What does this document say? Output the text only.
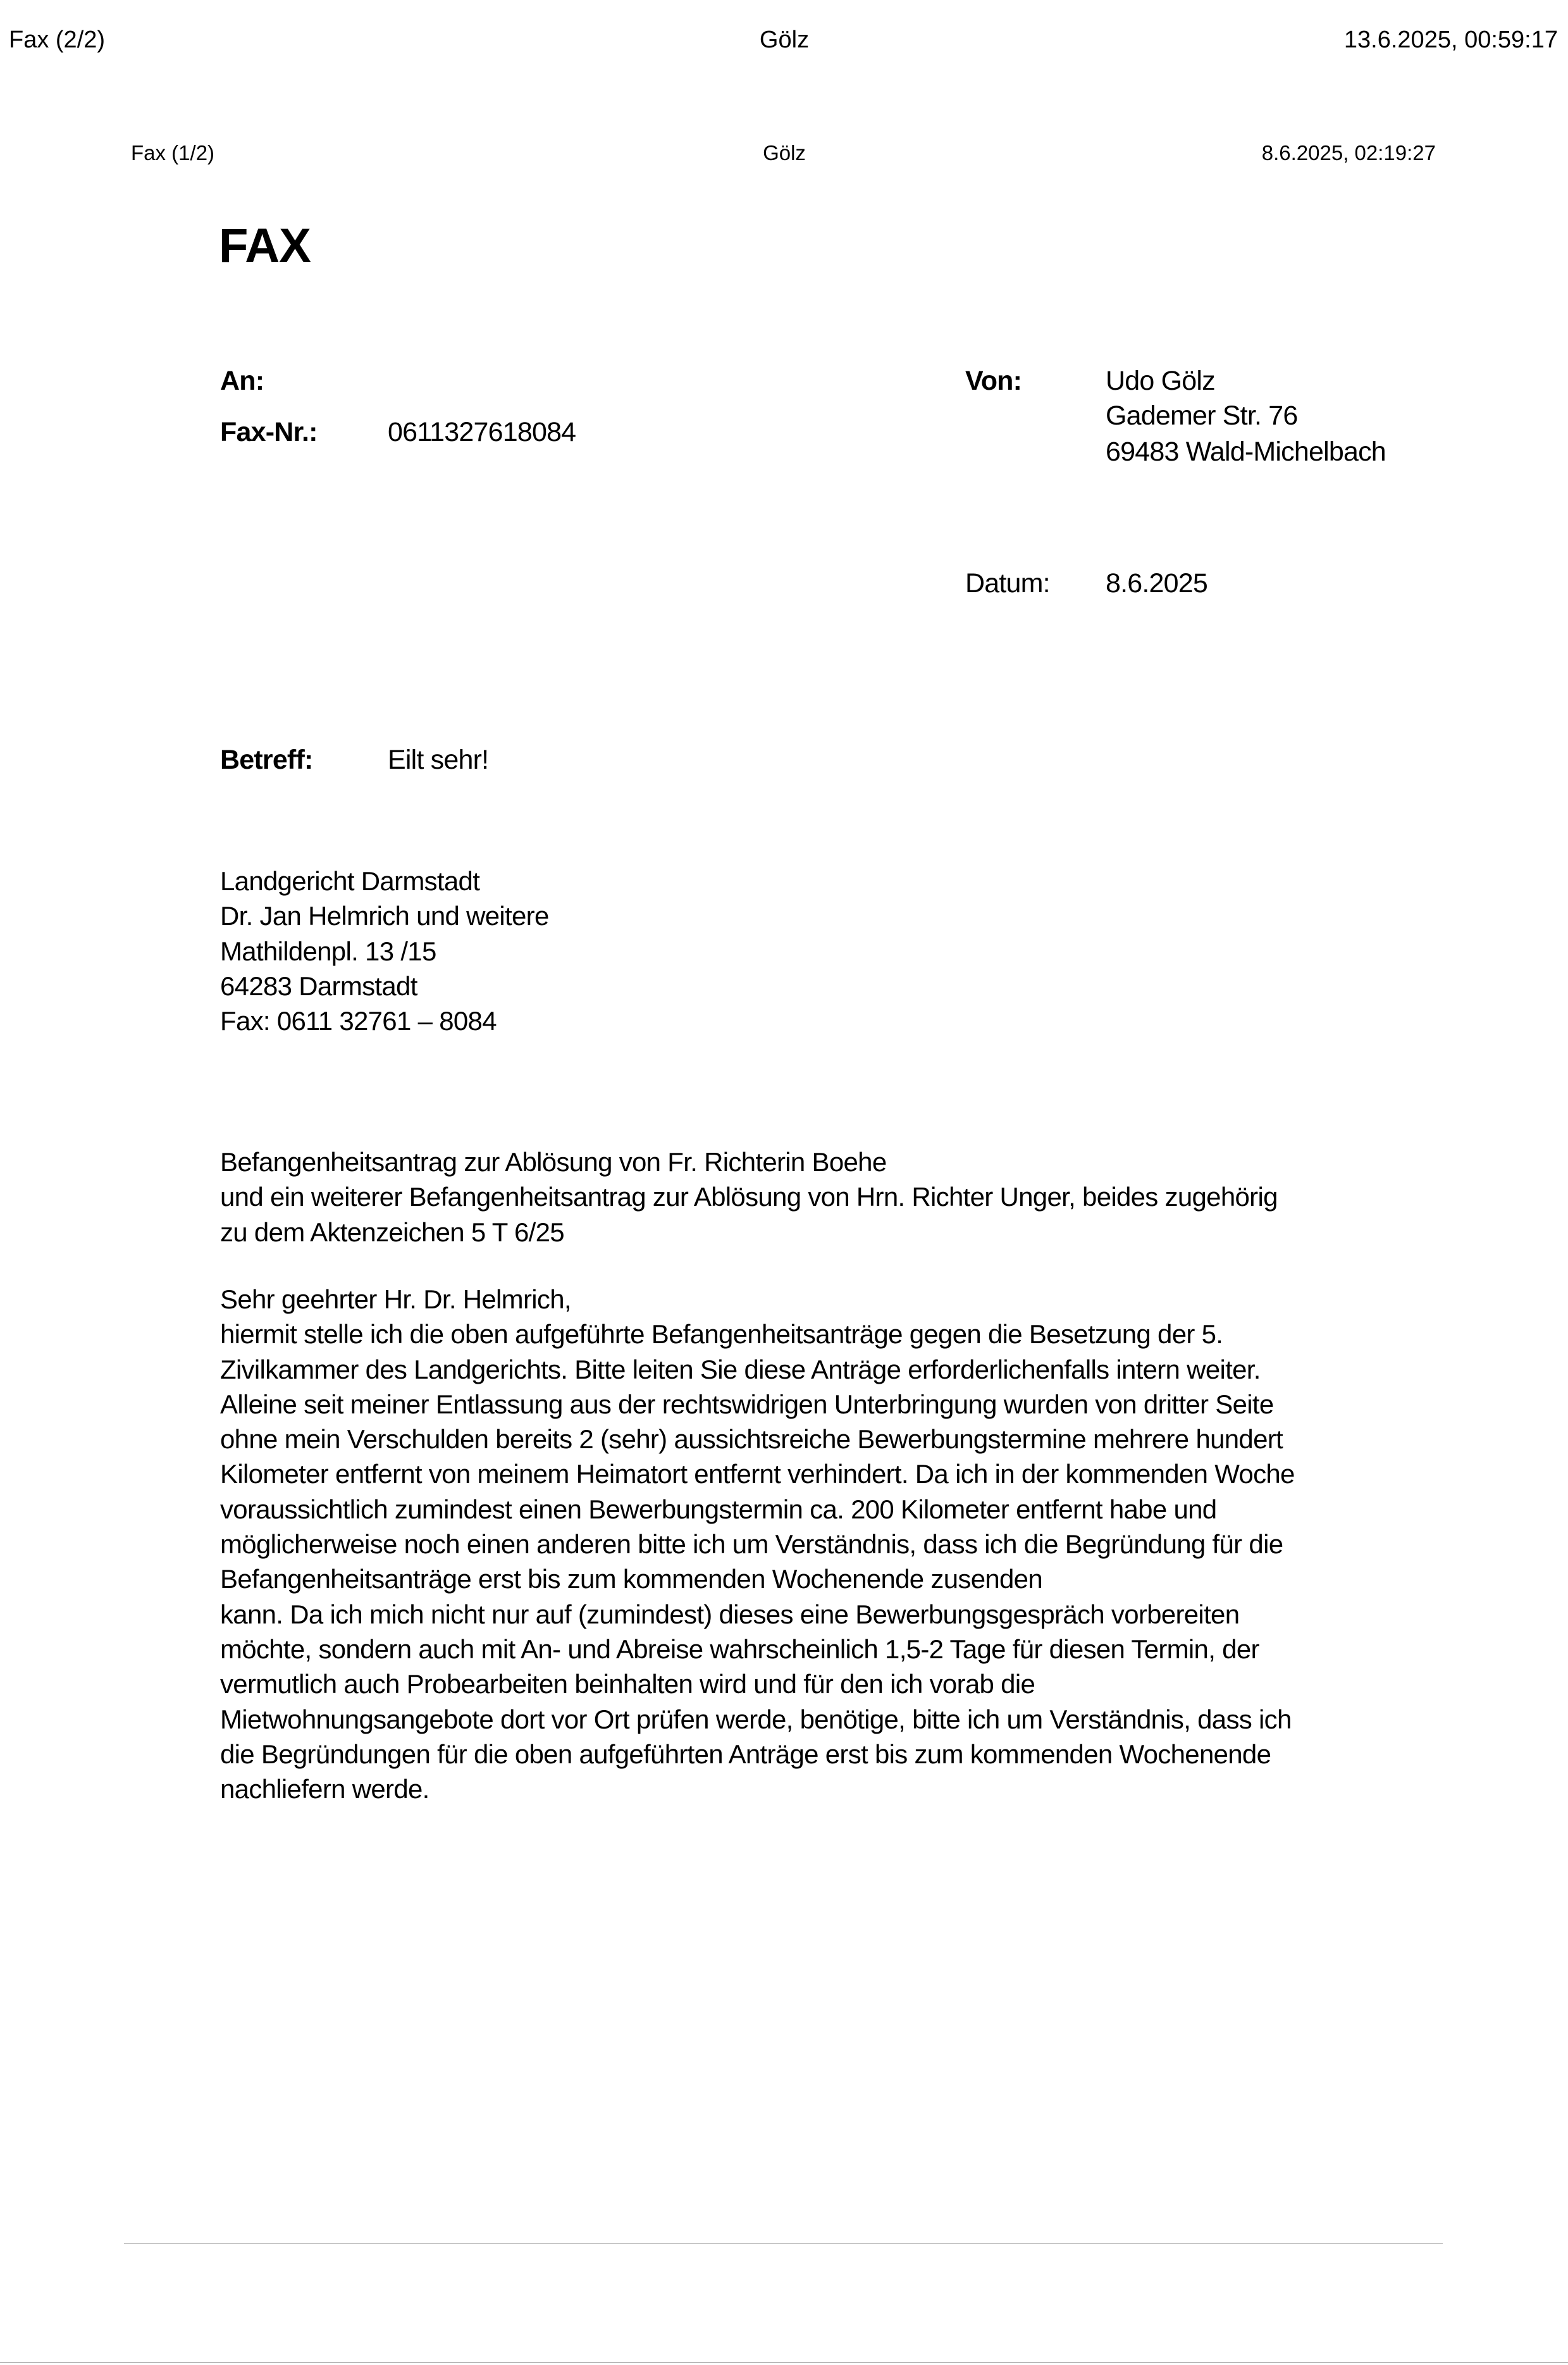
Fax (2/2)	Gölz	13.6.2025, 00:59:17
Fax (1/2)	Gölz	8.6.2025, 02:19:27
FAX
An:
Fax-Nr.:	0611327618084
Von:	Udo Gölz
Gademer Str. 76
69483 Wald-Michelbach
Datum: 8.6.2025
Betreff:	Eilt sehr!
Landgericht Darmstadt
Dr. Jan Helmrich und weitere
Mathildenpl. 13 /15
64283 Darmstadt
Fax: 0611 32761 – 8084
Befangenheitsantrag zur Ablösung von Fr. Richterin Boehe
und ein weiterer Befangenheitsantrag zur Ablösung von Hrn. Richter Unger, beides zugehörig
zu dem Aktenzeichen 5 T 6/25
Sehr geehrter Hr. Dr. Helmrich,
hiermit stelle ich die oben aufgeführte Befangenheitsanträge gegen die Besetzung der 5.
Zivilkammer des Landgerichts. Bitte leiten Sie diese Anträge erforderlichenfalls intern weiter.
Alleine seit meiner Entlassung aus der rechtswidrigen Unterbringung wurden von dritter Seite
ohne mein Verschulden bereits 2 (sehr) aussichtsreiche Bewerbungstermine mehrere hundert
Kilometer entfernt von meinem Heimatort entfernt verhindert. Da ich in der kommenden Woche
voraussichtlich zumindest einen Bewerbungstermin ca. 200 Kilometer entfernt habe und
möglicherweise noch einen anderen bitte ich um Verständnis, dass ich die Begründung für die
Befangenheitsanträge erst bis zum kommenden Wochenende zusenden
kann. Da ich mich nicht nur auf (zumindest) dieses eine Bewerbungsgespräch vorbereiten
möchte, sondern auch mit An- und Abreise wahrscheinlich 1,5-2 Tage für diesen Termin, der
vermutlich auch Probearbeiten beinhalten wird und für den ich vorab die
Mietwohnungsangebote dort vor Ort prüfen werde, benötige, bitte ich um Verständnis, dass ich
die Begründungen für die oben aufgeführten Anträge erst bis zum kommenden Wochenende
nachliefern werde.
